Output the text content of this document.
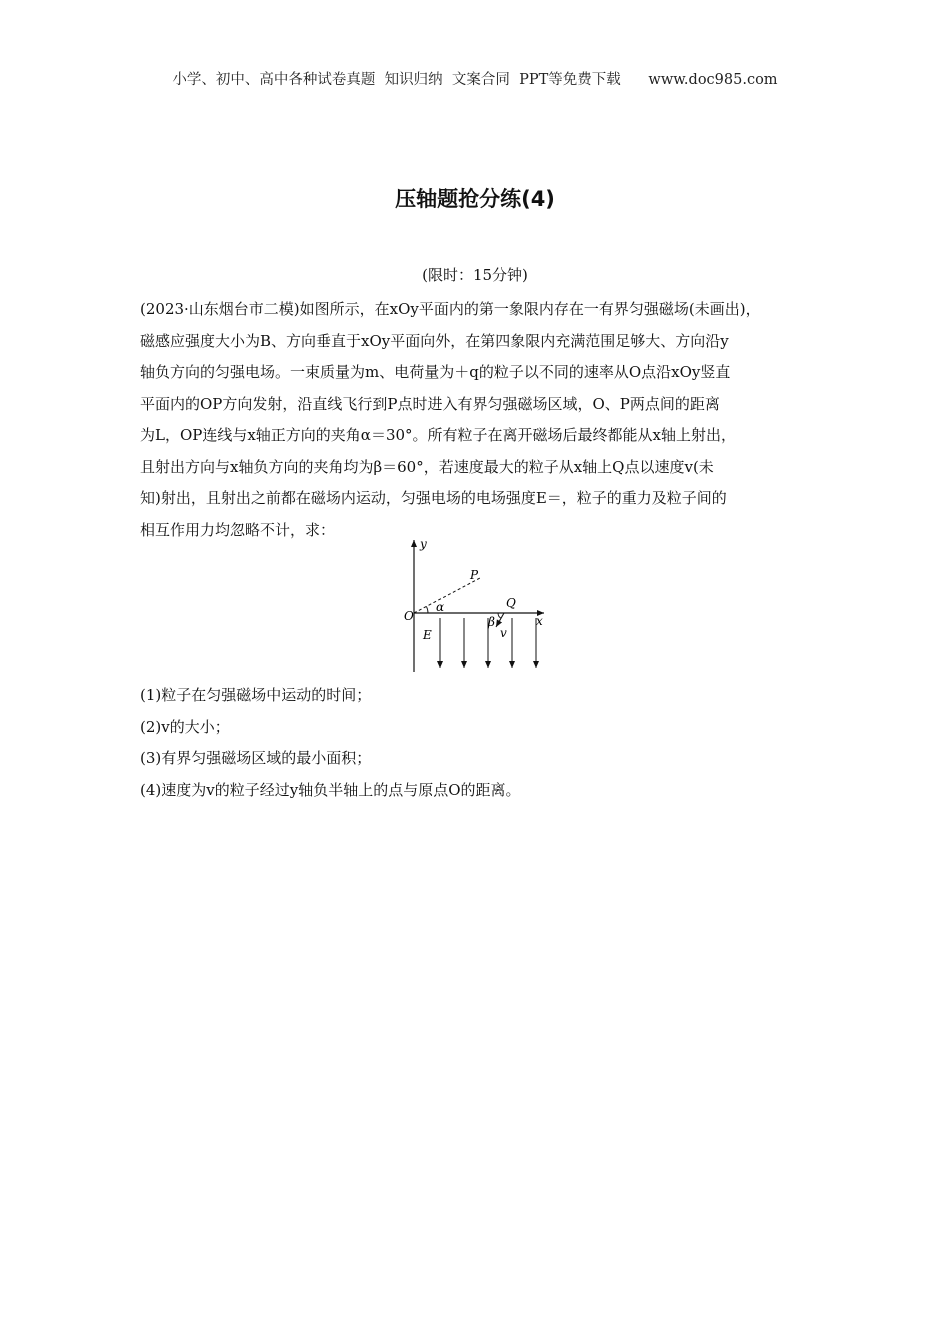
小学、初中、高中各种试卷真题  知识归纳  文案合同  PPT等免费下载      www.doc985.com
压轴题抢分练(4)
(限时：15分钟)
(2023·山东烟台市二模)如图所示，在xOy平面内的第一象限内存在一有界匀强磁场(未画出)，
磁感应强度大小为B、方向垂直于xOy平面向外，在第四象限内充满范围足够大、方向沿y
轴负方向的匀强电场。一束质量为m、电荷量为＋q的粒子以不同的速率从O点沿xOy竖直
平面内的OP方向发射，沿直线飞行到P点时进入有界匀强磁场区域，O、P两点间的距离
为L，OP连线与x轴正方向的夹角α＝30°。所有粒子在离开磁场后最终都能从x轴上射出，
且射出方向与x轴负方向的夹角均为β＝60°，若速度最大的粒子从x轴上Q点以速度v(未
知)射出，且射出之前都在磁场内运动，匀强电场的电场强度E＝，粒子的重力及粒子间的
相互作用力均忽略不计，求：
y
x
O
P
Q
α
β
v
E
(1)粒子在匀强磁场中运动的时间；
(2)v的大小；
(3)有界匀强磁场区域的最小面积；
(4)速度为v的粒子经过y轴负半轴上的点与原点O的距离。
